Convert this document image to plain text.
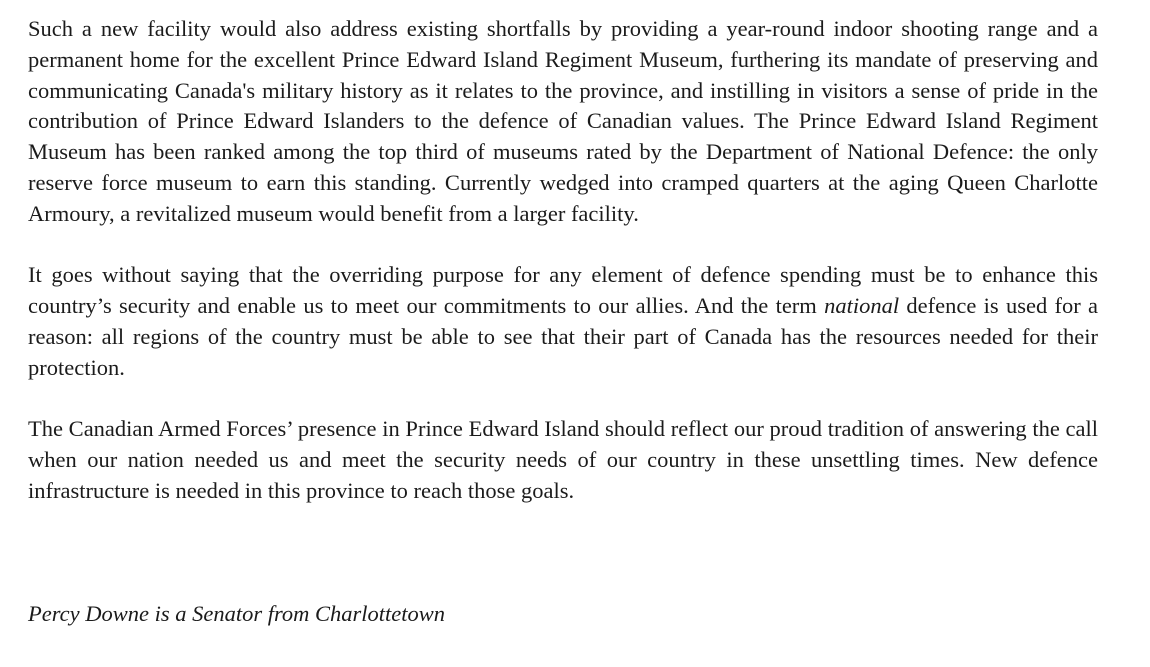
Such a new facility would also address existing shortfalls by providing a year-round indoor shooting range and a permanent home for the excellent Prince Edward Island Regiment Museum, furthering its mandate of preserving and communicating Canada's military history as it relates to the province, and instilling in visitors a sense of pride in the contribution of Prince Edward Islanders to the defence of Canadian values. The Prince Edward Island Regiment Museum has been ranked among the top third of museums rated by the Department of National Defence: the only reserve force museum to earn this standing. Currently wedged into cramped quarters at the aging Queen Charlotte Armoury, a revitalized museum would benefit from a larger facility.

It goes without saying that the overriding purpose for any element of defence spending must be to enhance this country’s security and enable us to meet our commitments to our allies. And the term national defence is used for a reason: all regions of the country must be able to see that their part of Canada has the resources needed for their protection.

The Canadian Armed Forces’ presence in Prince Edward Island should reflect our proud tradition of answering the call when our nation needed us and meet the security needs of our country in these unsettling times. New defence infrastructure is needed in this province to reach those goals.

Percy Downe is a Senator from Charlottetown
